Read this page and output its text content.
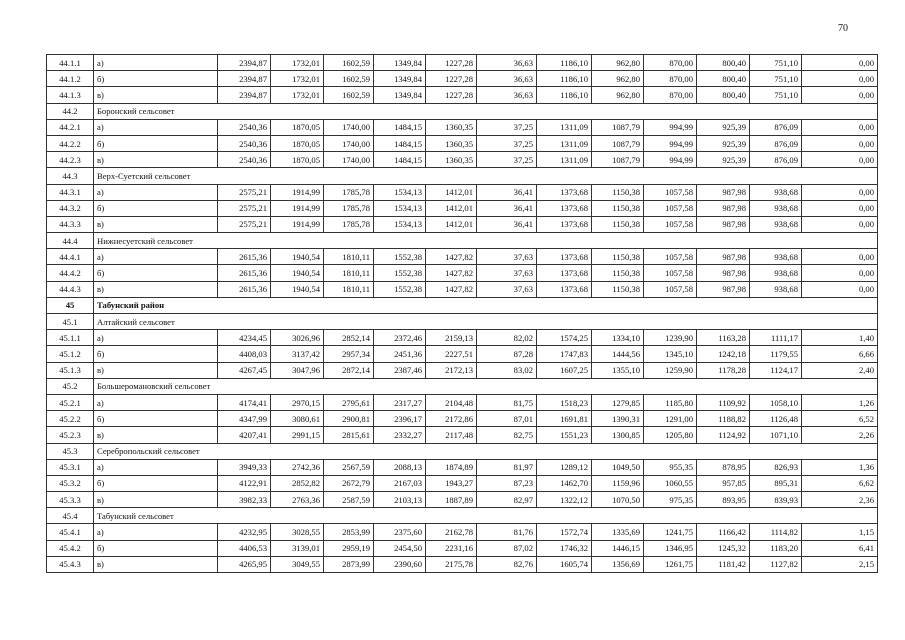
70
44.1.1	а)	2394,87	1732,01	1602,59	1349,84	1227,28	36,63	1186,10	962,80	870,00	800,40	751,10	0,00
44.1.2	б)	2394,87	1732,01	1602,59	1349,84	1227,28	36,63	1186,10	962,80	870,00	800,40	751,10	0,00
44.1.3	в)	2394,87	1732,01	1602,59	1349,84	1227,28	36,63	1186,10	962,80	870,00	800,40	751,10	0,00
44.2	Боронский сельсовет												
44.2.1	а)	2540,36	1870,05	1740,00	1484,15	1360,35	37,25	1311,09	1087,79	994,99	925,39	876,09	0,00
44.2.2	б)	2540,36	1870,05	1740,00	1484,15	1360,35	37,25	1311,09	1087,79	994,99	925,39	876,09	0,00
44.2.3	в)	2540,36	1870,05	1740,00	1484,15	1360,35	37,25	1311,09	1087,79	994,99	925,39	876,09	0,00
44.3	Верх-Суетский сельсовет												
44.3.1	а)	2575,21	1914,99	1785,78	1534,13	1412,01	36,41	1373,68	1150,38	1057,58	987,98	938,68	0,00
44.3.2	б)	2575,21	1914,99	1785,78	1534,13	1412,01	36,41	1373,68	1150,38	1057,58	987,98	938,68	0,00
44.3.3	в)	2575,21	1914,99	1785,78	1534,13	1412,01	36,41	1373,68	1150,38	1057,58	987,98	938,68	0,00
44.4	Нижнесуетский сельсовет												
44.4.1	а)	2615,36	1940,54	1810,11	1552,38	1427,82	37,63	1373,68	1150,38	1057,58	987,98	938,68	0,00
44.4.2	б)	2615,36	1940,54	1810,11	1552,38	1427,82	37,63	1373,68	1150,38	1057,58	987,98	938,68	0,00
44.4.3	в)	2615,36	1940,54	1810,11	1552,38	1427,82	37,63	1373,68	1150,38	1057,58	987,98	938,68	0,00
45	Табунский район												
45.1	Алтайский сельсовет												
45.1.1	а)	4234,45	3026,96	2852,14	2372,46	2159,13	82,02	1574,25	1334,10	1239,90	1163,28	1111,17	1,40
45.1.2	б)	4408,03	3137,42	2957,34	2451,36	2227,51	87,28	1747,83	1444,56	1345,10	1242,18	1179,55	6,66
45.1.3	в)	4267,45	3047,96	2872,14	2387,46	2172,13	83,02	1607,25	1355,10	1259,90	1178,28	1124,17	2,40
45.2	Большеромановский сельсовет												
45.2.1	а)	4174,41	2970,15	2795,61	2317,27	2104,48	81,75	1518,23	1279,85	1185,80	1109,92	1058,10	1,26
45.2.2	б)	4347,99	3080,61	2900,81	2396,17	2172,86	87,01	1691,81	1390,31	1291,00	1188,82	1126,48	6,52
45.2.3	в)	4207,41	2991,15	2815,61	2332,27	2117,48	82,75	1551,23	1300,85	1205,80	1124,92	1071,10	2,26
45.3	Серебропольский сельсовет												
45.3.1	а)	3949,33	2742,36	2567,59	2088,13	1874,89	81,97	1289,12	1049,50	955,35	878,95	826,93	1,36
45.3.2	б)	4122,91	2852,82	2672,79	2167,03	1943,27	87,23	1462,70	1159,96	1060,55	957,85	895,31	6,62
45.3.3	в)	3982,33	2763,36	2587,59	2103,13	1887,89	82,97	1322,12	1070,50	975,35	893,95	839,93	2,36
45.4	Табунский сельсовет												
45.4.1	а)	4232,95	3028,55	2853,99	2375,60	2162,78	81,76	1572,74	1335,69	1241,75	1166,42	1114,82	1,15
45.4.2	б)	4406,53	3139,01	2959,19	2454,50	2231,16	87,02	1746,32	1446,15	1346,95	1245,32	1183,20	6,41
45.4.3	в)	4265,95	3049,55	2873,99	2390,60	2175,78	82,76	1605,74	1356,69	1261,75	1181,42	1127,82	2,15
